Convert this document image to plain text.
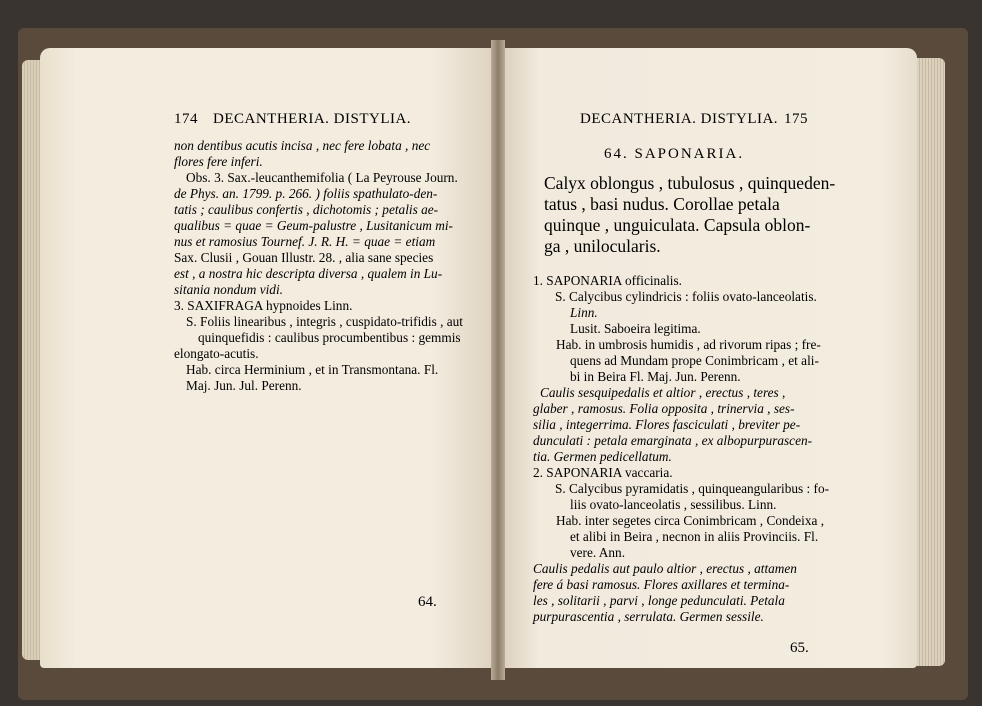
174 DECANTHERIA. DISTYLIA.
non dentibus acutis incisa , nec fere lobata , nec
flores fere inferi.
Obs. 3. Sax.-leucanthemifolia ( La Peyrouse Journ.
de Phys. an. 1799. p. 266. ) foliis spathulato-den-
tatis ; caulibus confertis , dichotomis ; petalis ae-
qualibus = quae = Geum-palustre , Lusitanicum mi-
nus et ramosius Tournef. J. R. H. = quae = etiam
Sax. Clusii , Gouan Illustr. 28. , alia sane species
est , a nostra hic descripta diversa , qualem in Lu-
sitania nondum vidi.
3. SAXIFRAGA hypnoides Linn.
S. Foliis linearibus , integris , cuspidato-trifidis , aut
quinquefidis : caulibus procumbentibus : gemmis
elongato-acutis.
Hab. circa Herminium , et in Transmontana. Fl.
Maj. Jun. Jul. Perenn.
64.
DECANTHERIA. DISTYLIA. 175
64. SAPONARIA.
Calyx oblongus , tubulosus , quinqueden-
tatus , basi nudus. Corollae petala
quinque , unguiculata. Capsula oblon-
ga , unilocularis.
1. SAPONARIA officinalis.
S. Calycibus cylindricis : foliis ovato-lanceolatis.
Linn.
Lusit. Saboeira legitima.
Hab. in umbrosis humidis , ad rivorum ripas ; fre-
quens ad Mundam prope Conimbricam , et ali-
bi in Beira Fl. Maj. Jun. Perenn.
Caulis sesquipedalis et altior , erectus , teres ,
glaber , ramosus. Folia opposita , trinervia , ses-
silia , integerrima. Flores fasciculati , breviter pe-
dunculati : petala emarginata , ex albopurpurascen-
tia. Germen pedicellatum.
2. SAPONARIA vaccaria.
S. Calycibus pyramidatis , quinqueangularibus : fo-
liis ovato-lanceolatis , sessilibus. Linn.
Hab. inter segetes circa Conimbricam , Condeixa ,
et alibi in Beira , necnon in aliis Provinciis. Fl.
vere. Ann.
Caulis pedalis aut paulo altior , erectus , attamen
fere á basi ramosus. Flores axillares et termina-
les , solitarii , parvi , longe pedunculati. Petala
purpurascentia , serrulata. Germen sessile.
65.
